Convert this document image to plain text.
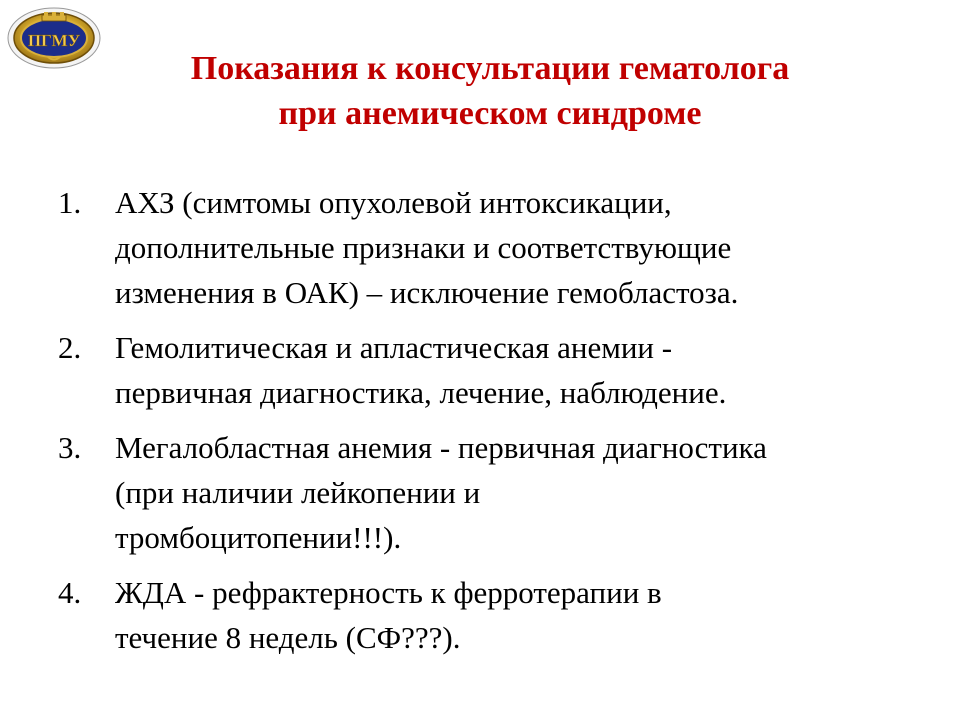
ПГМУ
Показания к консультации гематолога
при анемическом синдроме
1. АХЗ (симтомы опухолевой интоксикации,
дополнительные признаки и соответствующие
изменения в ОАК) – исключение гемобластоза.
2. Гемолитическая и апластическая анемии -
первичная диагностика, лечение, наблюдение.
3. Мегалобластная анемия - первичная диагностика
(при наличии лейкопении и
тромбоцитопении!!!).
4. ЖДА - рефрактерность к ферротерапии в
течение 8 недель (СФ???).
